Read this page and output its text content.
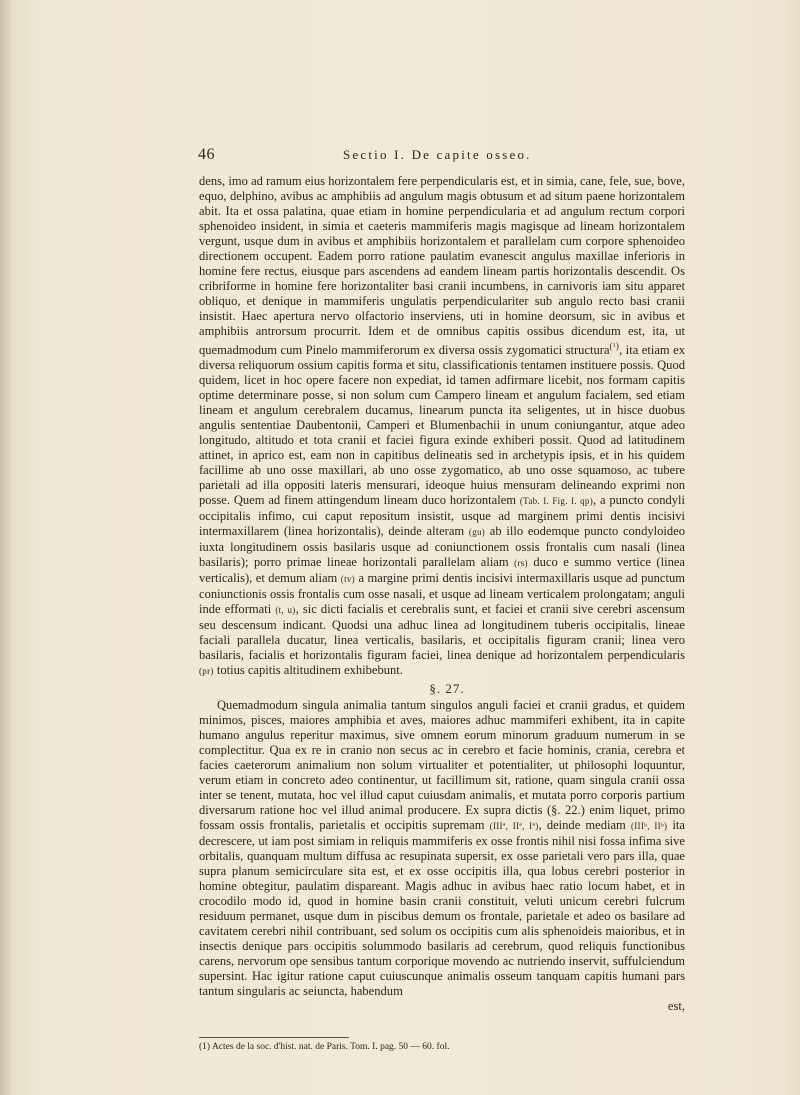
46	Sectio I. De capite osseo.

dens, imo ad ramum eius horizontalem fere perpendicularis est, et in simia, cane, fele, sue, bove, equo, delphino, avibus ac amphibiis ad angulum magis obtusum et ad situm paene horizontalem abit. Ita et ossa palatina, quae etiam in homine perpendicularia et ad angulum rectum corpori sphenoideo insident, in simia et caeteris mammiferis magis magisque ad lineam horizontalem vergunt, usque dum in avibus et amphibiis horizontalem et parallelam cum corpore sphenoideo directionem occupent. Eadem porro ratione paulatim evanescit angulus maxillae inferioris in homine fere rectus, eiusque pars ascendens ad eandem lineam partis horizontalis descendit. Os cribriforme in homine fere horizontaliter basi cranii incumbens, in carnivoris iam situ apparet obliquo, et denique in mammiferis ungulatis perpendiculariter sub angulo recto basi cranii insistit. Haec apertura nervo olfactorio inserviens, uti in homine deorsum, sic in avibus et amphibiis antrorsum procurrit. Idem et de omnibus capitis ossibus dicendum est, ita, ut quemadmodum cum Pinelo mammiferorum ex diversa ossis zygomatici structura$^{(^1)}$, ita etiam ex diversa reliquorum ossium capitis forma et situ, classificationis tentamen instituere possis. Quod quidem, licet in hoc opere facere non expediat, id tamen adfirmare licebit, nos formam capitis optime determinare posse, si non solum cum Campero lineam et angulum facialem, sed etiam lineam et angulum cerebralem ducamus, linearum puncta ita seligentes, ut in hisce duobus angulis sententiae Daubentonii, Camperi et Blumenbachii in unum coniungantur, atque adeo longitudo, altitudo et tota cranii et faciei figura exinde exhiberi possit. Quod ad latitudinem attinet, in aprico est, eam non in capitibus delineatis sed in archetypis ipsis, et in his quidem facillime ab uno osse maxillari, ab uno osse zygomatico, ab uno osse squamoso, ac tubere parietali ad illa oppositi lateris mensurari, ideoque huius mensuram delineando exprimi non posse. Quem ad finem attingendum lineam duco horizontalem (Tab. I. Fig. I. qp), a puncto condyli occipitalis infimo, cui caput repositum insistit, usque ad marginem primi dentis incisivi intermaxillarem (linea horizontalis), deinde alteram (gu) ab illo eodemque puncto condyloideo iuxta longitudinem ossis basilaris usque ad coniunctionem ossis frontalis cum nasali (linea basilaris); porro primae lineae horizontali parallelam aliam (rs) duco e summo vertice (linea verticalis), et demum aliam (tv) a margine primi dentis incisivi intermaxillaris usque ad punctum coniunctionis ossis frontalis cum ossе nasali, et usque ad lineam verticalem prolongatam; anguli inde efformati (t, u), sic dicti facialis et cerebralis sunt, et faciei et cranii sive cerebri ascensum seu descensum indicant. Quodsi una adhuc linea ad longitudinem tuberis occipitalis, lineae faciali parallela ducatur, linea verticalis, basilaris, et occipitalis figuram cranii; linea vero basilaris, facialis et horizontalis figuram faciei, linea denique ad horizontalem perpendicularis (pr) totius capitis altitudinem exhibebunt.

§. 27.

Quemadmodum singula animalia tantum singulos anguli faciei et cranii gradus, et quidem minimos, pisces, maiores amphibia et aves, maiores adhuc mammiferi exhibent, ita in capite humano angulus reperitur maximus, sive omnem eorum minorum graduum numerum in se complectitur. Qua ex re in cranio non secus ac in cerebro et facie hominis, crania, cerebra et facies caeterorum animalium non solum virtualiter et potentialiter, ut philosophi loquuntur, verum etiam in concreto adeo continentur, ut facillimum sit, ratione, quam singula cranii ossa inter se tenent, mutata, hoc vel illud caput cuiusdam animalis, et mutata porro corporis partium diversarum ratione hoc vel illud animal producere. Ex supra dictis (§. 22.) enim liquet, primo fossam ossis frontalis, parietalis et occipitis supremam (IIIª, IIª, Iª), deinde mediam (IIIᵇ, IIᵇ) ita decrescere, ut iam post simiam in reliquis mammiferis ex osse frontis nihil nisi fossa infima sive orbitalis, quanquam multum diffusa ac resupinata supersit, ex osse parietali vero pars illa, quae supra planum semicirculare sita est, et ex osse occipitis illa, qua lobus cerebri posterior in homine obtegitur, paulatim dispareant. Magis adhuc in avibus haec ratio locum habet, et in crocodilo modo id, quod in homine basin cranii constituit, veluti unicum cerebri fulcrum residuum permanet, usque dum in piscibus demum os frontale, parietale et adeo os basilare ad cavitatem cerebri nihil contribuant, sed solum os occipitis cum alis sphenoideis maioribus, et in insectis denique pars occipitis solummodo basilaris ad cerebrum, quod reliquis functionibus carens, nervorum ope sensibus tantum corporique movendo ac nutriendo inservit, suffulciendum supersint. Hac igitur ratione caput cuiuscunque animalis osseum tanquam capitis humani pars tantum singularis ac seiuncta, habendum

est,
(1) Actes de la soc. d'hist. nat. de Paris. Tom. I. pag. 50 — 60. fol.
